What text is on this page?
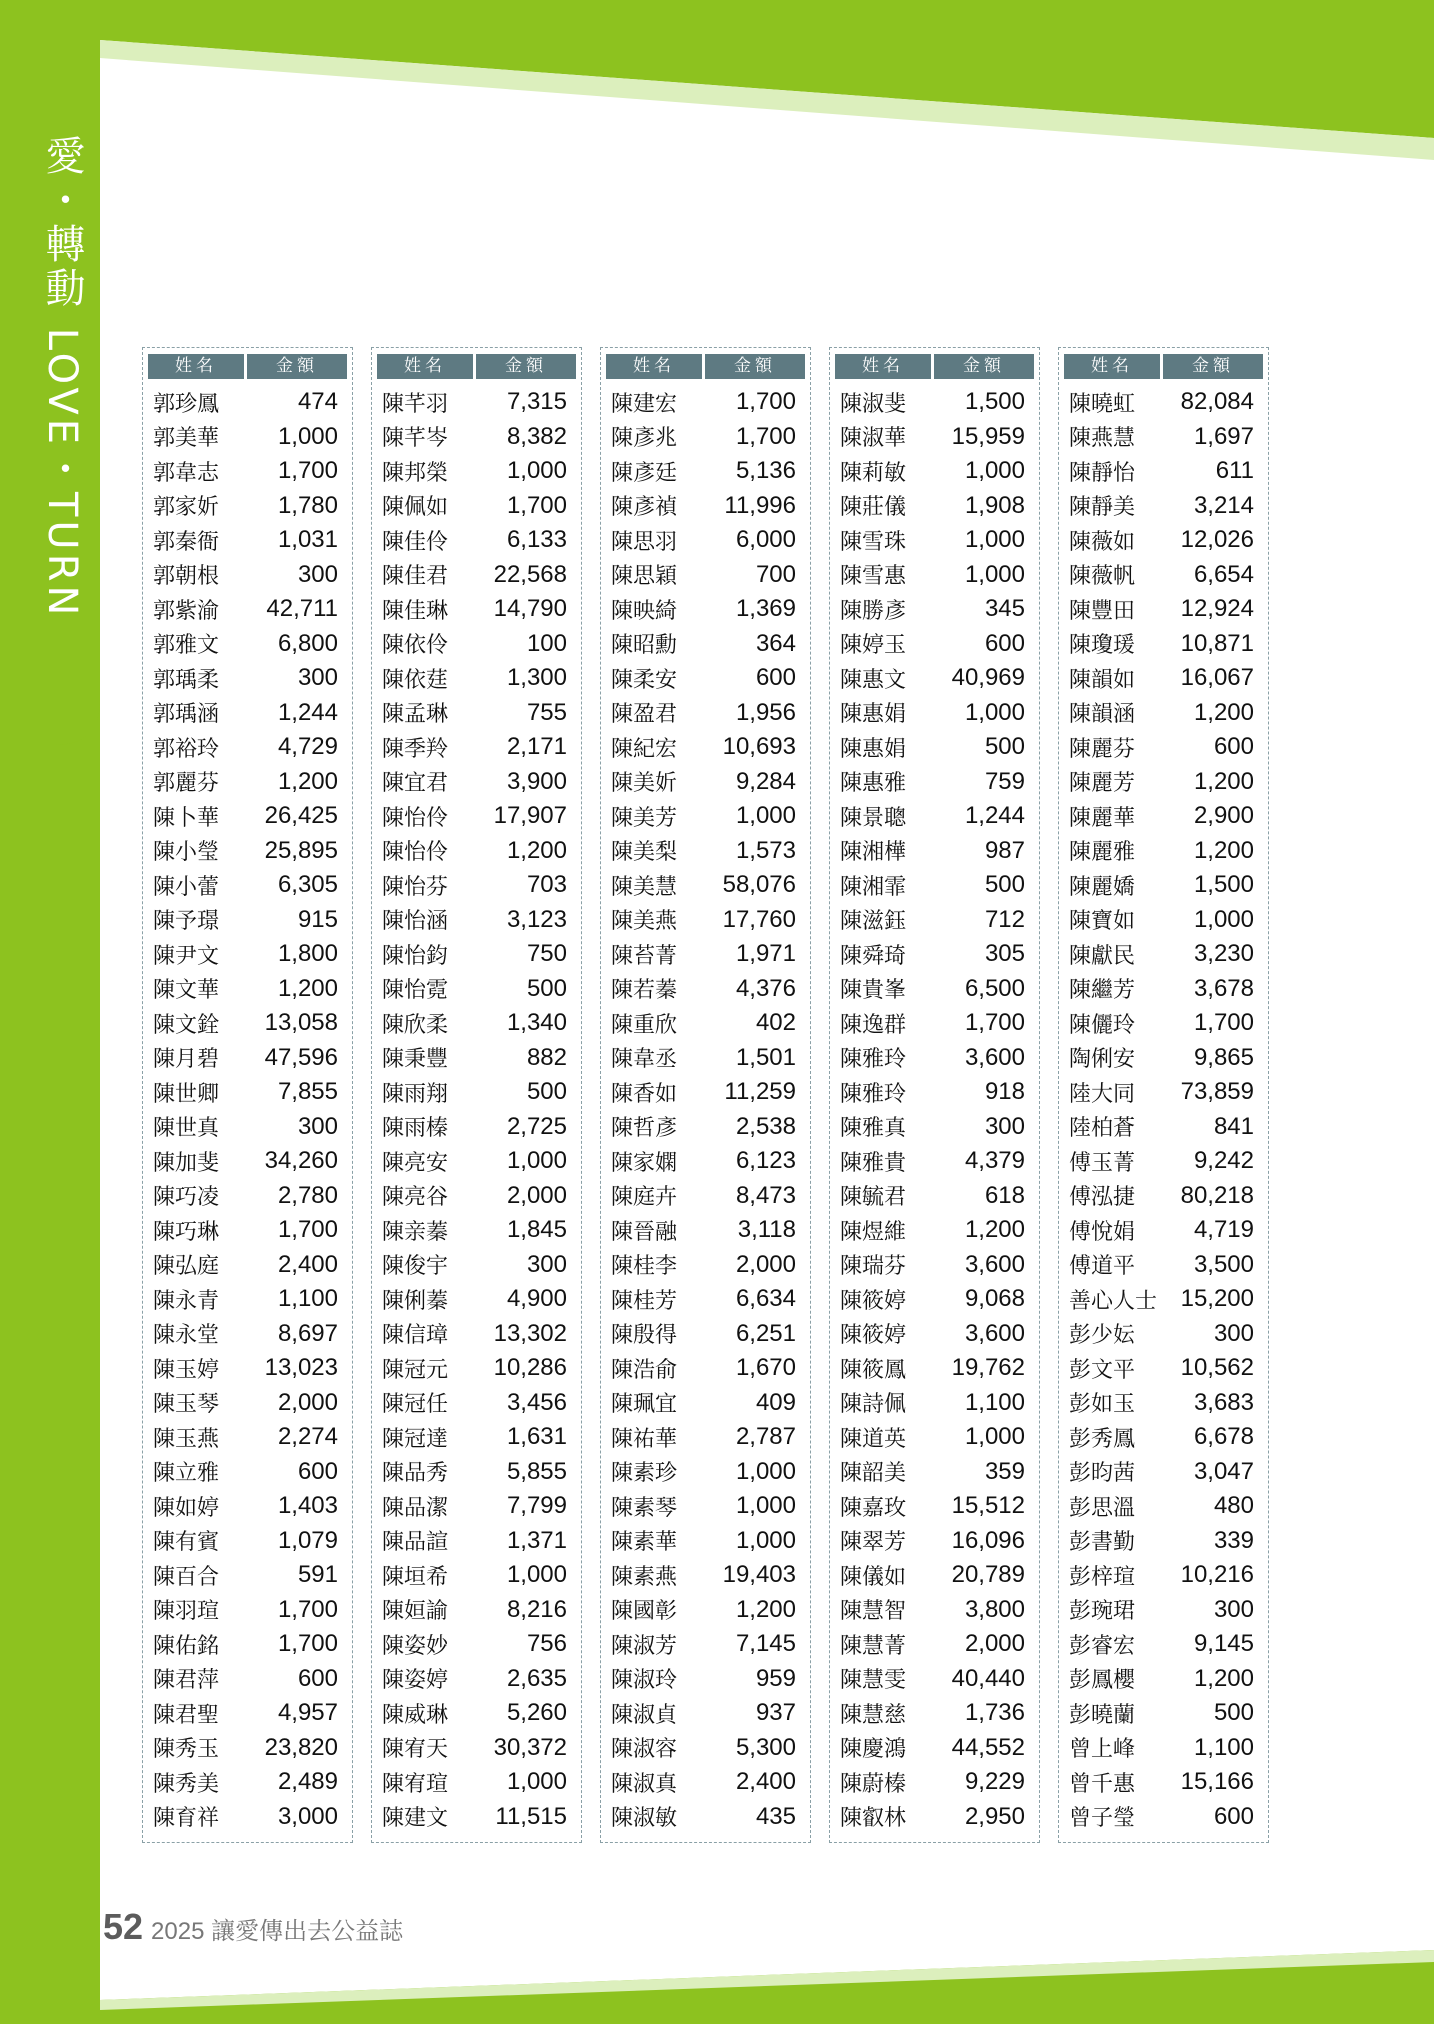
愛・轉動 LOVE・TURN	姓名	金額
郭珍鳳	474
郭美華 1,000
郭韋志 1,700
郭家妡 1,780
郭秦衙 1,031
郭朝根	300
郭紫渝 42,711
郭雅文 6,800
郭瑀柔	300
郭瑀涵 1,244
郭裕玲 4,729
郭麗芬 1,200
陳卜華 26,425
陳小瑩 25,895
陳小蕾 6,305
陳予璟	915
陳尹文 1,800
陳文華 1,200
陳文銓 13,058
陳月碧 47,596
陳世卿 7,855
陳世真	300
陳加斐 34,260
陳巧凌 2,780
陳巧琳 1,700
陳弘庭 2,400
陳永青 1,100
陳永堂 8,697
陳玉婷 13,023
陳玉琴 2,000
陳玉燕 2,274
陳立雅	600
陳如婷 1,403
陳有賓 1,079
陳百合	591
陳羽瑄 1,700
陳佑銘 1,700
陳君萍	600
陳君聖 4,957
陳秀玉 23,820
陳秀美 2,489
陳育祥 3,000
姓名	金額
陳芊羽 7,315
陳芊岑 8,382
陳邦榮 1,000
陳佩如 1,700
陳佳伶 6,133
陳佳君 22,568
陳佳琳 14,790
陳依伶	100
陳依莛 1,300
陳孟琳	755
陳季羚 2,171
陳宜君 3,900
陳怡伶 17,907
陳怡伶 1,200
陳怡芬	703
陳怡涵 3,123
陳怡鈞	750
陳怡霓	500
陳欣柔 1,340
陳秉豐	882
陳雨翔	500
陳雨榛 2,725
陳亮安 1,000
陳亮谷 2,000
陳亲蓁 1,845
陳俊宇	300
陳俐蓁 4,900
陳信璋 13,302
陳冠元 10,286
陳冠任 3,456
陳冠達 1,631
陳品秀 5,855
陳品潔 7,799
陳品諠 1,371
陳垣希 1,000
陳姮諭 8,216
陳姿妙	756
陳姿婷 2,635
陳威琳 5,260
陳宥天 30,372
陳宥瑄 1,000
陳建文 11,515
姓名	金額
陳建宏 1,700
陳彥兆 1,700
陳彥廷 5,136
陳彥禎 11,996
陳思羽 6,000
陳思穎	700
陳映綺 1,369
陳昭勳	364
陳柔安	600
陳盈君 1,956
陳紀宏 10,693
陳美妡 9,284
陳美芳 1,000
陳美梨 1,573
陳美慧 58,076
陳美燕 17,760
陳苔菁 1,971
陳若蓁 4,376
陳重欣	402
陳韋丞 1,501
陳香如 11,259
陳哲彥 2,538
陳家嫻 6,123
陳庭卉 8,473
陳晉融	3,118
陳桂李 2,000
陳桂芳 6,634
陳殷得 6,251
陳浩俞 1,670
陳珮宜	409
陳祐華 2,787
陳素珍 1,000
陳素琴 1,000
陳素華 1,000
陳素燕 19,403
陳國彰 1,200
陳淑芳 7,145
陳淑玲	959
陳淑貞	937
陳淑容 5,300
陳淑真 2,400
陳淑敏	435
姓名	金額
陳淑斐 1,500
陳淑華 15,959
陳莉敏 1,000
陳莊儀 1,908
陳雪珠 1,000
陳雪惠 1,000
陳勝彥	345
陳婷玉	600
陳惠文 40,969
陳惠娟 1,000
陳惠娟	500
陳惠雅	759
陳景聰 1,244
陳湘樺	987
陳湘霏	500
陳滋鈺	712
陳舜琦	305
陳貴峯 6,500
陳逸群 1,700
陳雅玲 3,600
陳雅玲	918
陳雅真	300
陳雅貴 4,379
陳毓君	618
陳煜維 1,200
陳瑞芬 3,600
陳筱婷 9,068
陳筱婷 3,600
陳筱鳳 19,762
陳詩佩 1,100
陳道英 1,000
陳韶美	359
陳嘉玫 15,512
陳翠芳 16,096
陳儀如 20,789
陳慧智 3,800
陳慧菁 2,000
陳慧雯 40,440
陳慧慈 1,736
陳慶鴻 44,552
陳蔚榛 9,229
陳叡林 2,950
姓名	金額
陳曉虹 82,084
陳燕慧 1,697
陳靜怡	611
陳靜美 3,214
陳薇如 12,026
陳薇帆 6,654
陳豐田 12,924
陳瓊瑗 10,871
陳韻如 16,067
陳韻涵 1,200
陳麗芬	600
陳麗芳 1,200
陳麗華 2,900
陳麗雅 1,200
陳麗嬌 1,500
陳寶如 1,000
陳獻民 3,230
陳繼芳 3,678
陳儷玲 1,700
陶俐安 9,865
陸大同 73,859
陸柏蒼	841
傅玉菁 9,242
傅泓捷 80,218
傅悅娟 4,719
傅道平 3,500
善心人士 15,200
彭少妘	300
彭文平 10,562
彭如玉 3,683
彭秀鳳 6,678
彭昀茜 3,047
彭思溫	480
彭書勤	339
彭梓瑄 10,216
彭琬珺	300
彭睿宏 9,145
彭鳳櫻 1,200
彭曉蘭	500
曾上峰 1,100
曾千惠 15,166
曾子瑩	600
52 2025 讓愛傳出去公益誌
